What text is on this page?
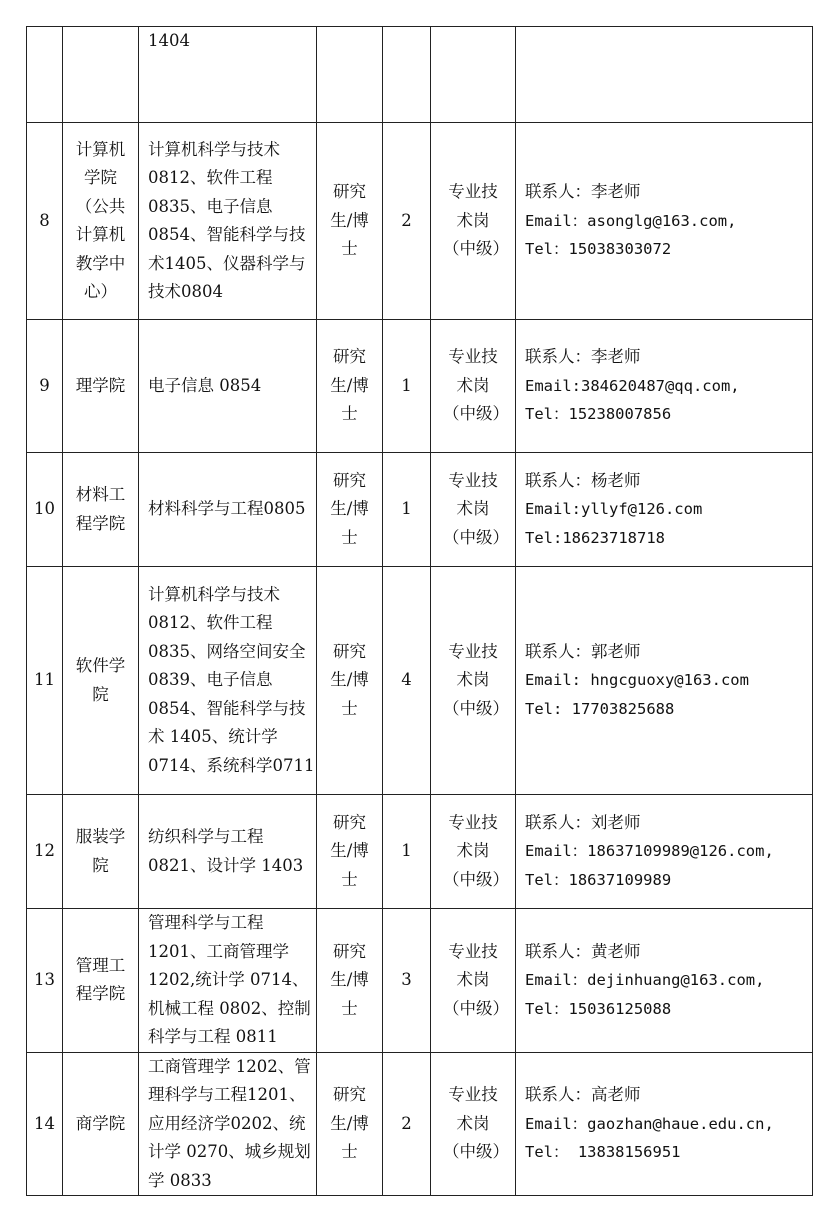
		1404				
8	计算机学院（公共计算机教学中心）	计算机科学与技术0812、软件工程0835、电子信息0854、智能科学与技术1405、仪器科学与技术0804	研究生/博士	2	专业技术岗（中级）	联系人：李老师
Email：asonglg@163.com,
Tel：15038303072

9	理学院	电子信息 0854	研究生/博士	1	专业技术岗（中级）	联系人：李老师
Email:384620487@qq.com,
Tel：15238007856

10	材料工程学院	材料科学与工程0805	研究生/博士	1	专业技术岗（中级）	联系人：杨老师
Email:yllyf@126.com
Tel:18623718718

11	软件学院	计算机科学与技术0812、软件工程0835、网络空间安全 0839、电子信息0854、智能科学与技术 1405、统计学0714、系统科学0711	研究生/博士	4	专业技术岗（中级）	联系人：郭老师
Email: hngcguoxy@163.com
Tel: 17703825688

12	服装学院	纺织科学与工程0821、设计学 1403	研究生/博士	1	专业技术岗（中级）	联系人：刘老师
Email：18637109989@126.com,
Tel：18637109989

13	管理工程学院	管理科学与工程1201、工商管理学1202,统计学 0714、机械工程 0802、控制科学与工程 0811	研究生/博士	3	专业技术岗（中级）	联系人：黄老师
Email：dejinhuang@163.com,
Tel：15036125088

14	商学院	工商管理学 1202、管理科学与工程1201、应用经济学0202、统计学 0270、城乡规划学 0833	研究生/博士	2	专业技术岗（中级）	联系人：高老师
Email：gaozhan@haue.edu.cn,
Tel： 13838156951
